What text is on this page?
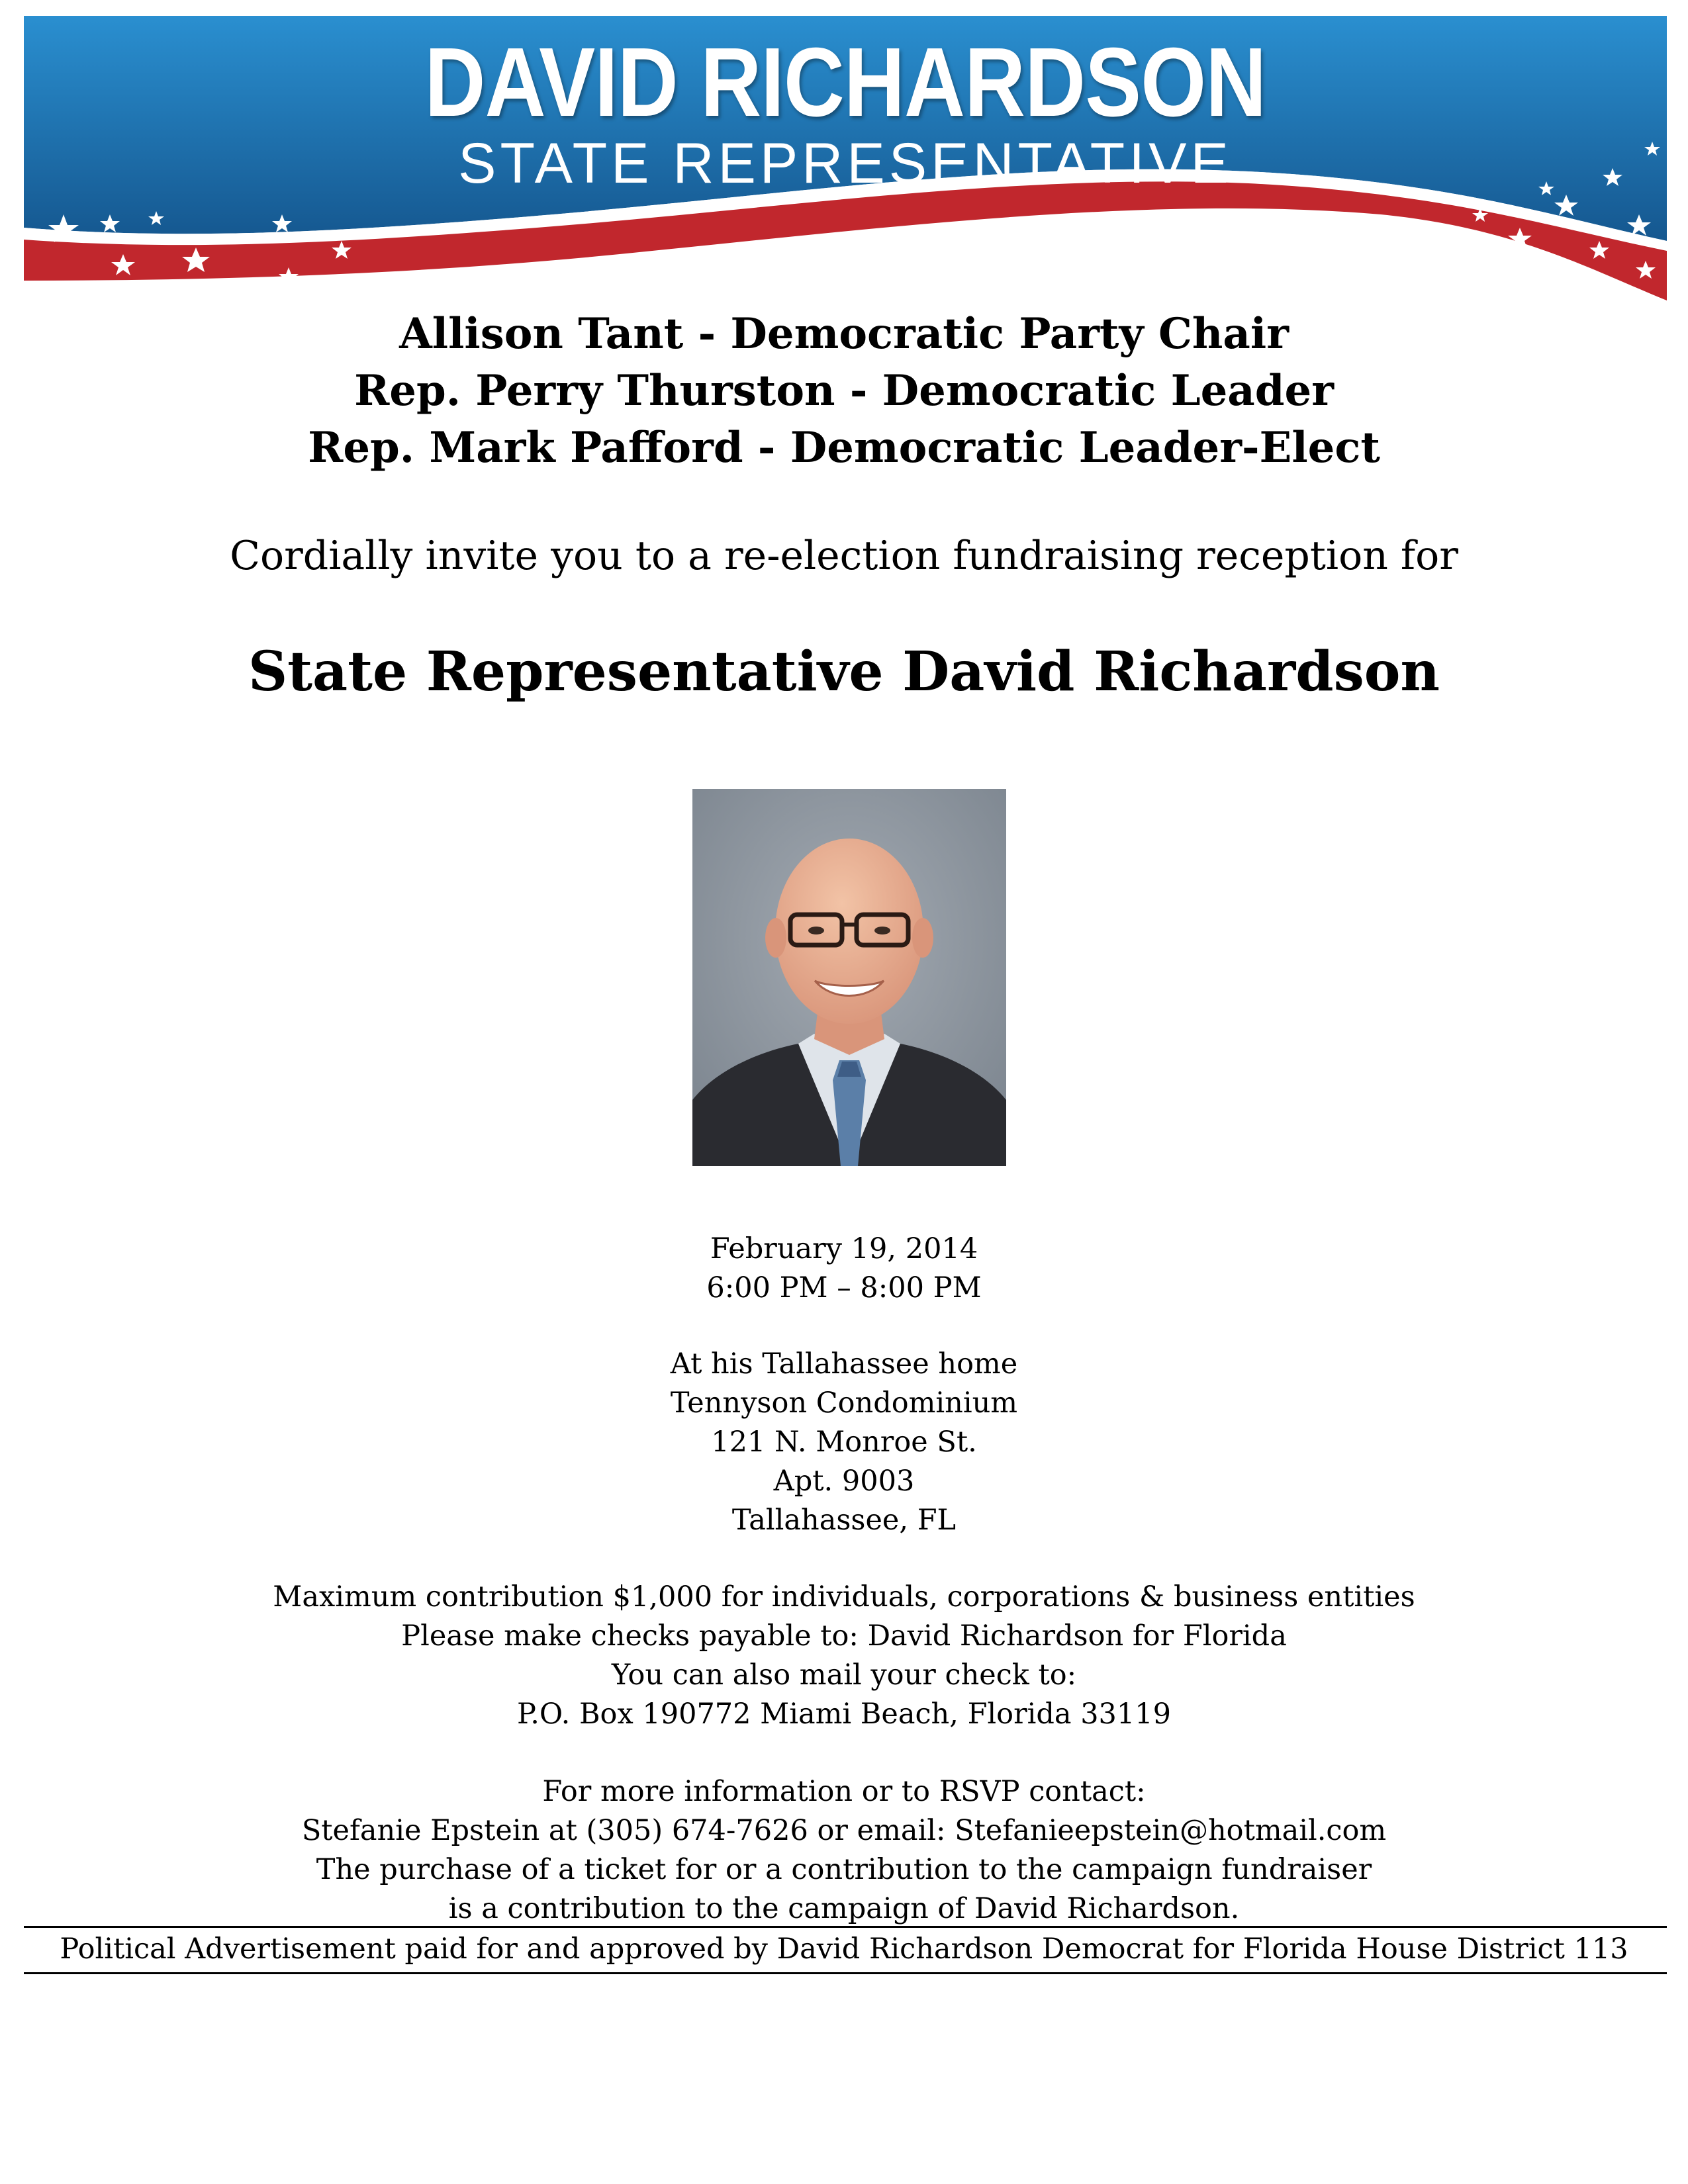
DAVID RICHARDSON
STATE REPRESENTATIVE
Allison Tant - Democratic Party Chair
Rep. Perry Thurston - Democratic Leader
Rep. Mark Pafford - Democratic Leader-Elect
Cordially invite you to a re-election fundraising reception for
State Representative David Richardson
February 19, 2014
6:00 PM – 8:00 PM
At his Tallahassee home
Tennyson Condominium
121 N. Monroe St.
Apt. 9003
Tallahassee, FL
Maximum contribution $1,000 for individuals, corporations & business entities
Please make checks payable to: David Richardson for Florida
You can also mail your check to:
P.O. Box 190772 Miami Beach, Florida 33119
For more information or to RSVP contact:
Stefanie Epstein at (305) 674-7626 or email: Stefanieepstein@hotmail.com
The purchase of a ticket for or a contribution to the campaign fundraiser
is a contribution to the campaign of David Richardson.
Political Advertisement paid for and approved by David Richardson Democrat for Florida House District 113
